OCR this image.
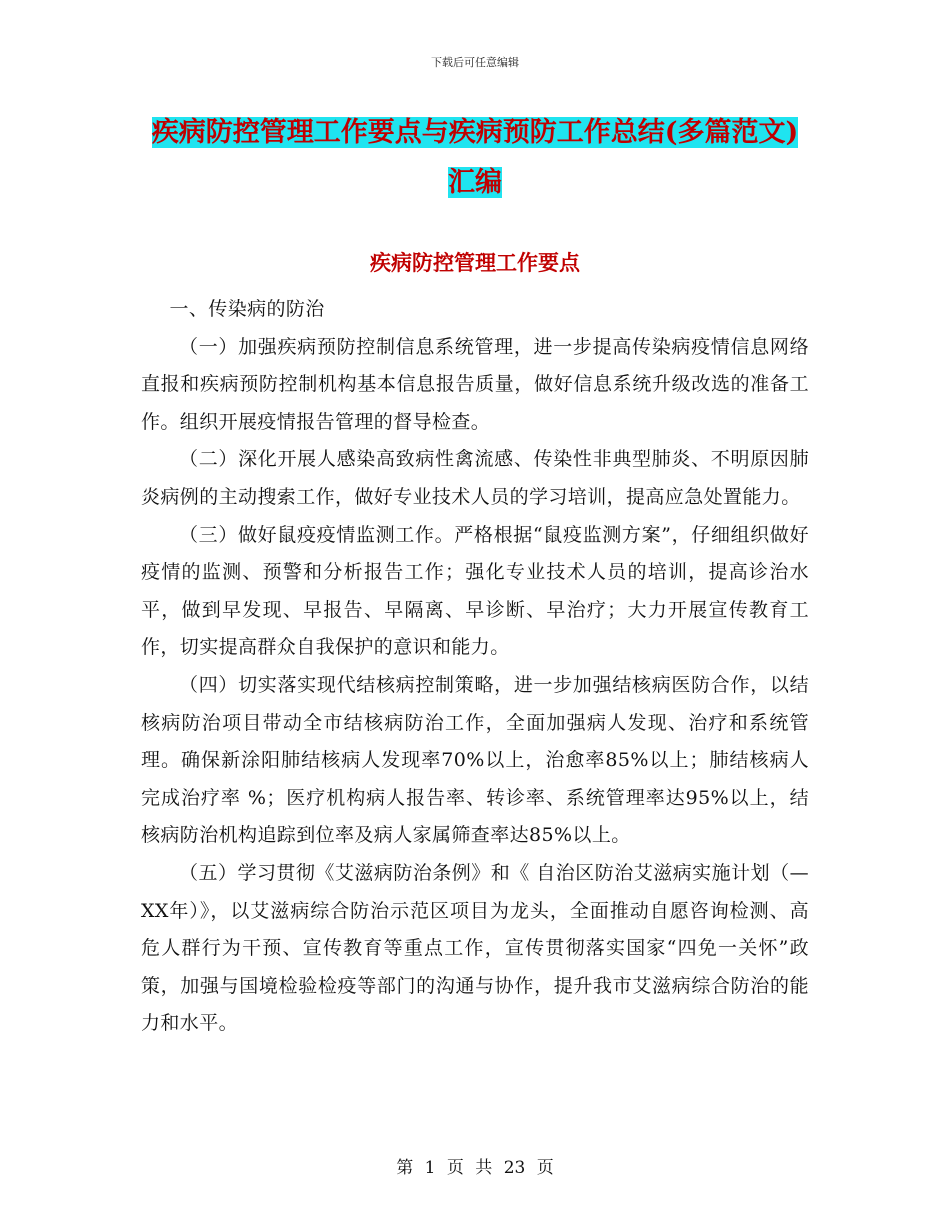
下载后可任意编辑
疾病防控管理工作要点与疾病预防工作总结(多篇范文)汇编
疾病防控管理工作要点

一、传染病的防治

（一）加强疾病预防控制信息系统管理，进一步提高传染病疫情信息网络直报和疾病预防控制机构基本信息报告质量，做好信息系统升级改选的准备工作。组织开展疫情报告管理的督导检查。

（二）深化开展人感染高致病性禽流感、传染性非典型肺炎、不明原因肺炎病例的主动搜索工作，做好专业技术人员的学习培训，提高应急处置能力。

（三）做好鼠疫疫情监测工作。严格根据“鼠疫监测方案”，仔细组织做好疫情的监测、预警和分析报告工作；强化专业技术人员的培训，提高诊治水平，做到早发现、早报告、早隔离、早诊断、早治疗；大力开展宣传教育工作，切实提高群众自我保护的意识和能力。

（四）切实落实现代结核病控制策略，进一步加强结核病医防合作，以结核病防治项目带动全市结核病防治工作，全面加强病人发现、治疗和系统管理。确保新涂阳肺结核病人发现率70%以上，治愈率85%以上；肺结核病人完成治疗率 %；医疗机构病人报告率、转诊率、系统管理率达95%以上，结核病防治机构追踪到位率及病人家属筛查率达85%以上。

（五）学习贯彻《艾滋病防治条例》和《 自治区防治艾滋病实施计划（—XX年）》，以艾滋病综合防治示范区项目为龙头，全面推动自愿咨询检测、高危人群行为干预、宣传教育等重点工作，宣传贯彻落实国家“四免一关怀”政策，加强与国境检验检疫等部门的沟通与协作，提升我市艾滋病综合防治的能力和水平。

第 1 页 共 23 页
